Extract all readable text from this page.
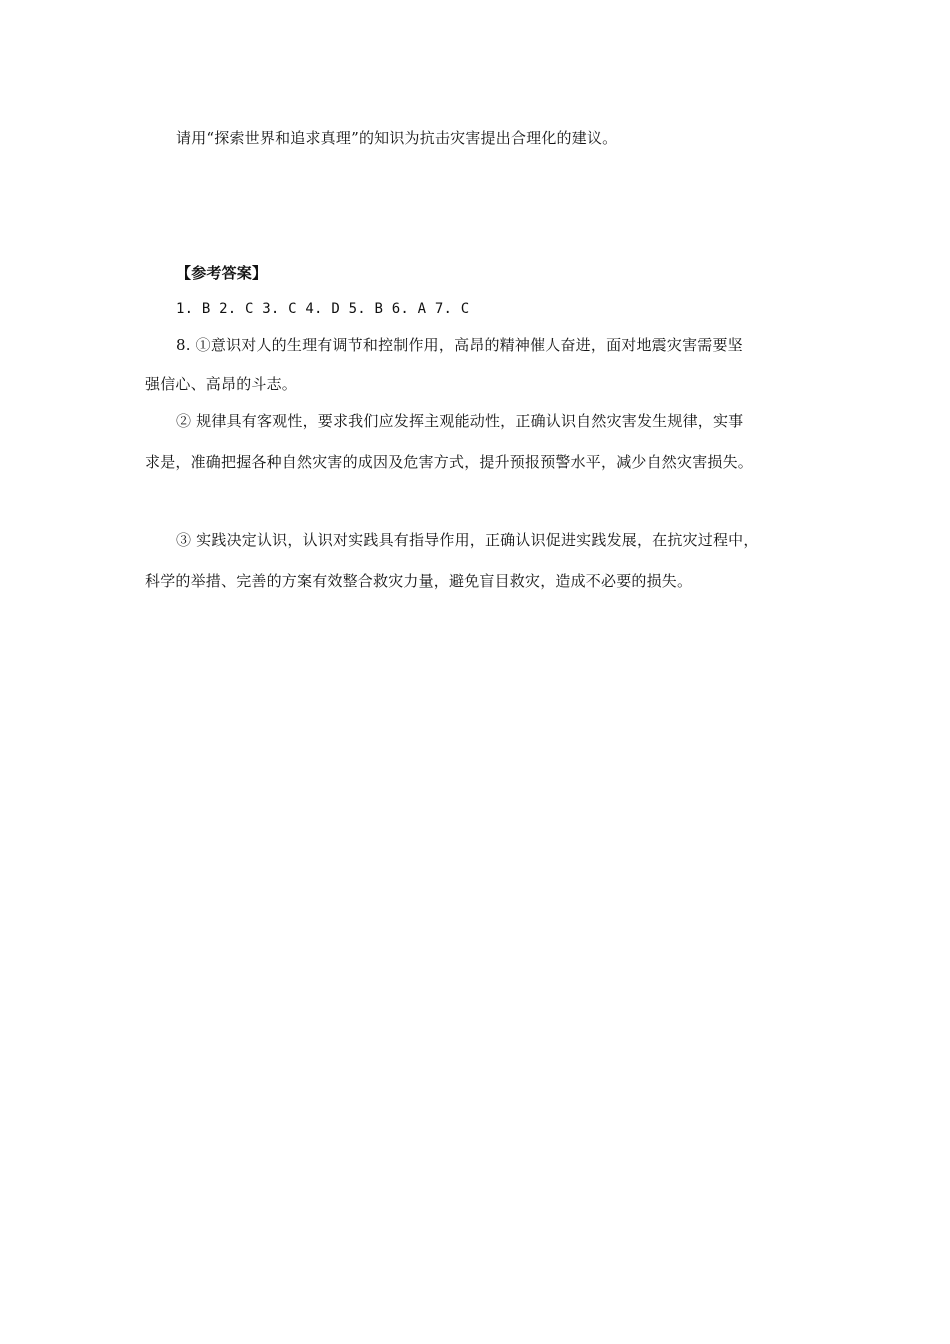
请用“探索世界和追求真理”的知识为抗击灾害提出合理化的建议。
【参考答案】
1. B 2. C 3. C 4. D 5. B 6. A 7. C
8. ①意识对人的生理有调节和控制作用，高昂的精神催人奋进，面对地震灾害需要坚
强信心、高昂的斗志。
② 规律具有客观性，要求我们应发挥主观能动性，正确认识自然灾害发生规律，实事
求是，准确把握各种自然灾害的成因及危害方式，提升预报预警水平，减少自然灾害损失。
③ 实践决定认识，认识对实践具有指导作用，正确认识促进实践发展，在抗灾过程中，
科学的举措、完善的方案有效整合救灾力量，避免盲目救灾，造成不必要的损失。
